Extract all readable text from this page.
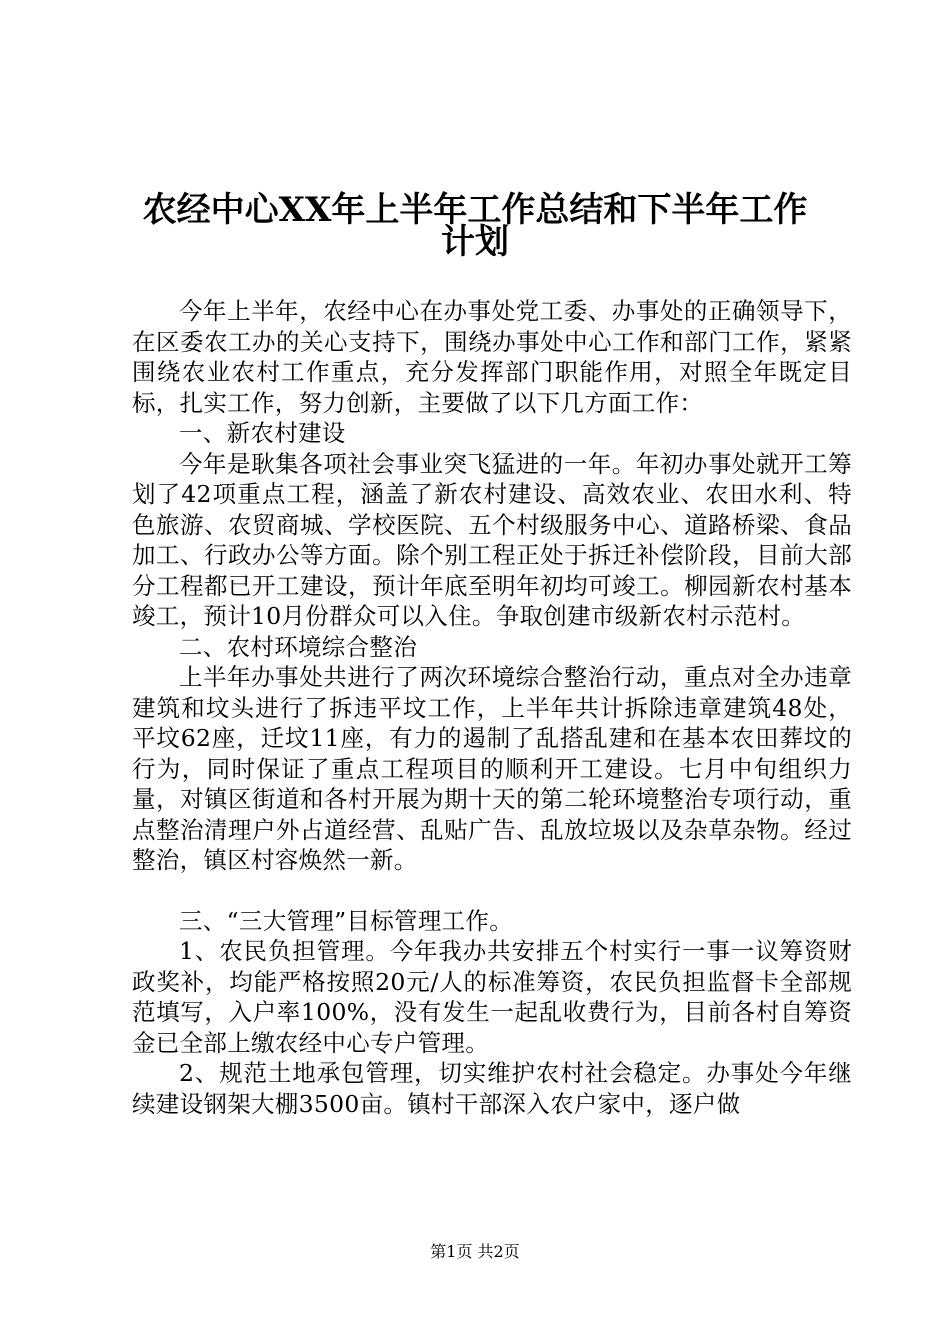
农经中心XX年上半年工作总结和下半年工作
计划

今年上半年，农经中心在办事处党工委、办事处的正确领导下，在区委农工办的关心支持下，围绕办事处中心工作和部门工作，紧紧围绕农业农村工作重点，充分发挥部门职能作用，对照全年既定目标，扎实工作，努力创新，主要做了以下几方面工作：

一、新农村建设

今年是耿集各项社会事业突飞猛进的一年。年初办事处就开工筹划了42项重点工程，涵盖了新农村建设、高效农业、农田水利、特色旅游、农贸商城、学校医院、五个村级服务中心、道路桥梁、食品加工、行政办公等方面。除个别工程正处于拆迁补偿阶段，目前大部分工程都已开工建设，预计年底至明年初均可竣工。柳园新农村基本竣工，预计10月份群众可以入住。争取创建市级新农村示范村。

二、农村环境综合整治

上半年办事处共进行了两次环境综合整治行动，重点对全办违章建筑和坟头进行了拆违平坟工作，上半年共计拆除违章建筑48处，平坟62座，迁坟11座，有力的遏制了乱搭乱建和在基本农田葬坟的行为，同时保证了重点工程项目的顺利开工建设。七月中旬组织力量，对镇区街道和各村开展为期十天的第二轮环境整治专项行动，重点整治清理户外占道经营、乱贴广告、乱放垃圾以及杂草杂物。经过整治，镇区村容焕然一新。

三、“三大管理”目标管理工作。

1、农民负担管理。今年我办共安排五个村实行一事一议筹资财政奖补，均能严格按照20元/人的标准筹资，农民负担监督卡全部规范填写，入户率100%，没有发生一起乱收费行为，目前各村自筹资金已全部上缴农经中心专户管理。

2、规范土地承包管理，切实维护农村社会稳定。办事处今年继续建设钢架大棚3500亩。镇村干部深入农户家中，逐户做

第1页 共2页
